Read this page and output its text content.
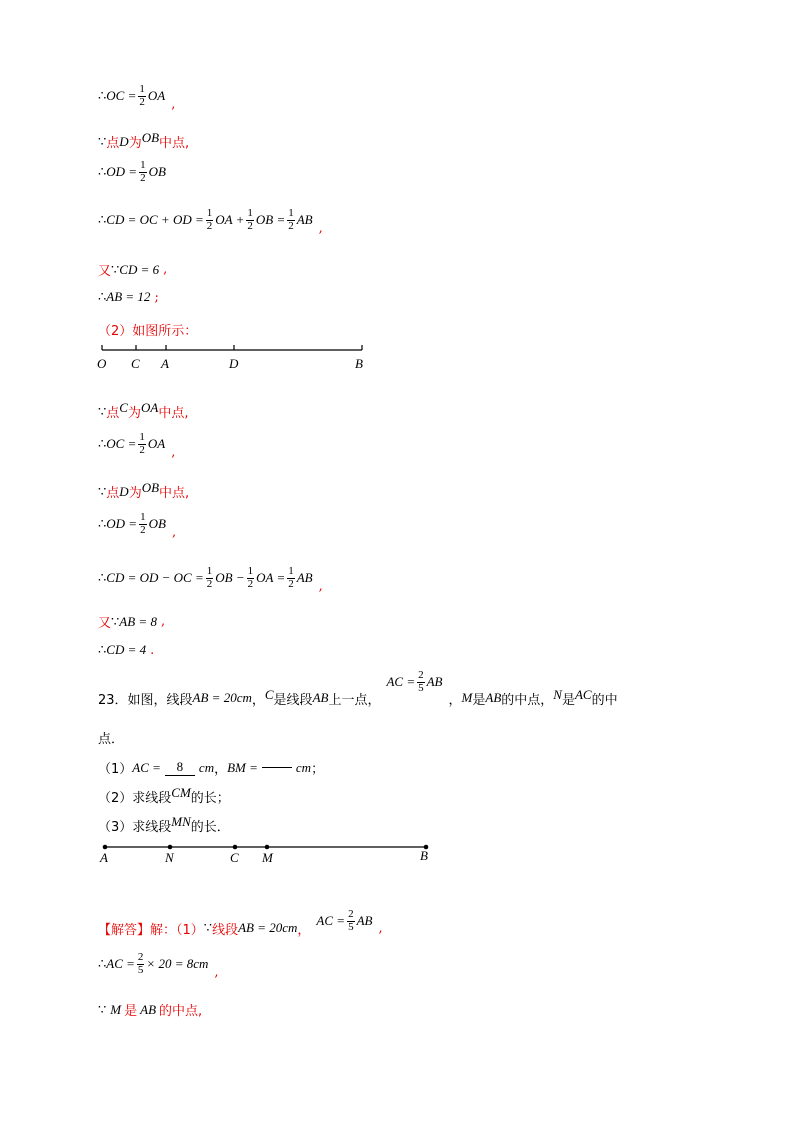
∴ OC = $\frac{1}{2}$ OA
,
∵ 点 D 为 OB 中点,
∴ OD = $\frac{1}{2}$ OB
∴ CD = OC + OD = $\frac{1}{2}$ OA + $\frac{1}{2}$ OB = $\frac{1}{2}$ AB
,
又 ∵ CD = 6 ,
∴ AB = 12 ;
（2）如图所示：
O C A	D	B
∵ 点 C 为 OA 中点,
∴ OC = $\frac{1}{2}$ OA
,
∵ 点 D 为 OB 中点,
∴ OD = $\frac{1}{2}$ OB
,
∴ CD = OD − OC = $\frac{1}{2}$ OB − $\frac{1}{2}$ OA = $\frac{1}{2}$ AB
,
又 ∵ AB = 8 ,
∴ CD = 4 .
23．如图，线段 AB = 20cm ， C 是线段 AB 上一点，
AC = $\frac{2}{5}$ AB
， M 是 AB 的中点， N 是 AC 的中
点．
（1） AC =	8	cm ， BM =	cm ；
（2）求线段 CM 的长；
（3）求线段 MN 的长．
A	N	C M	B
【解答】 解：（1） ∵ 线段 AB = 20cm ，
AC = $\frac{2}{5}$ AB ,
∴ AC = $\frac{2}{5} \times 20 = 8cm$
,
∵ M 是 AB 的中点,
